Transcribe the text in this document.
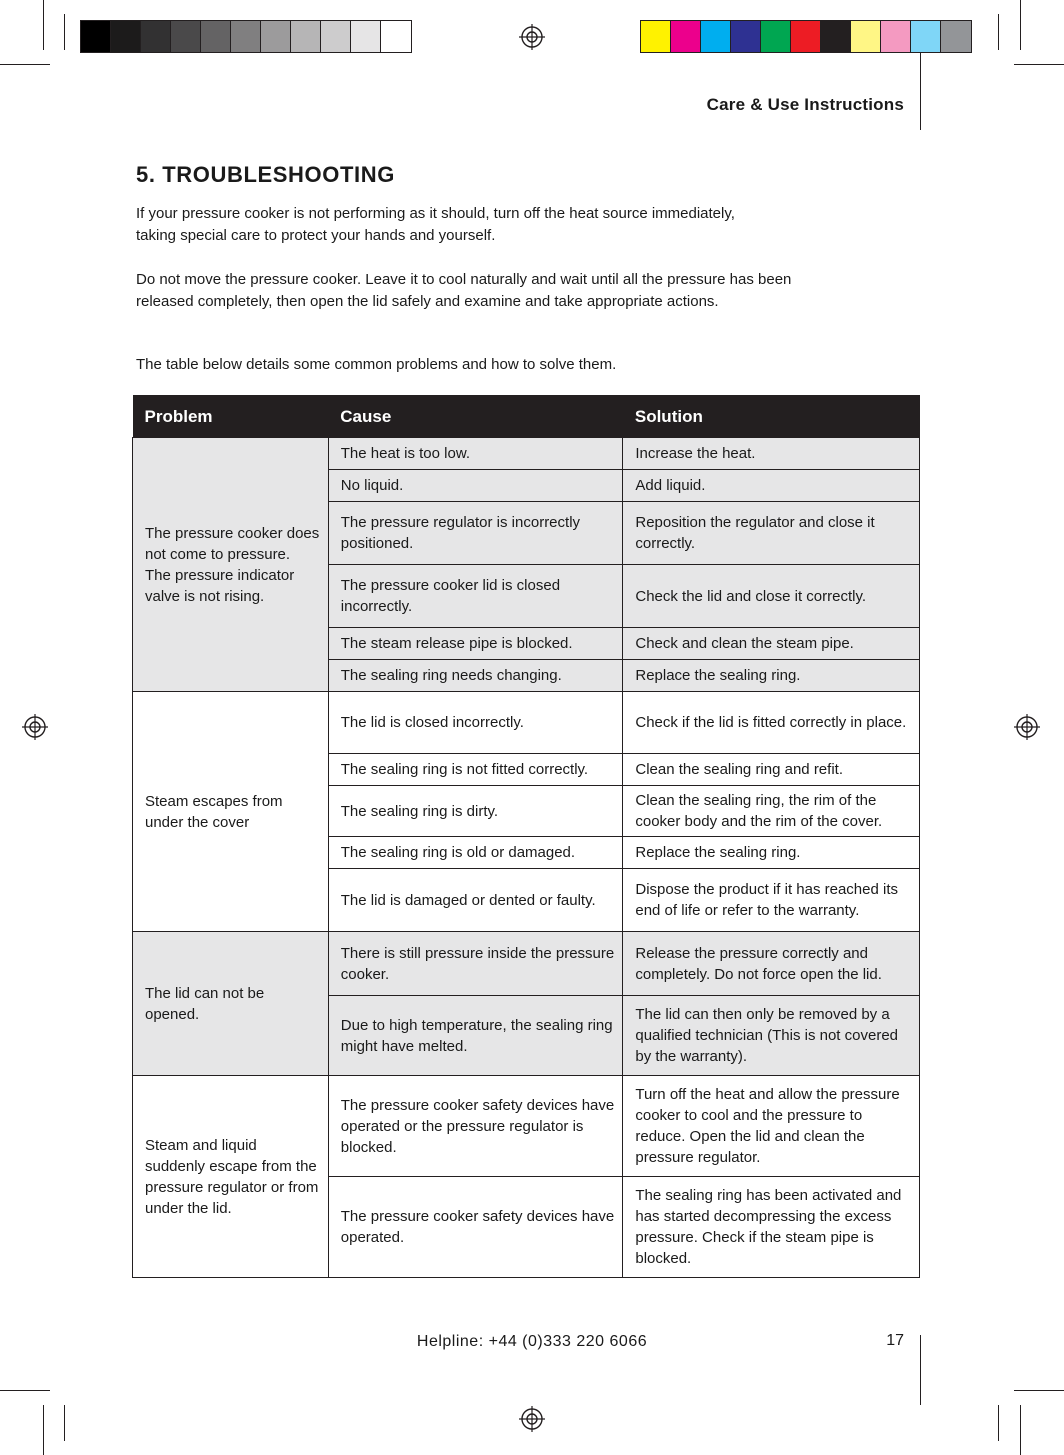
Care & Use Instructions
5. TROUBLESHOOTING

If your pressure cooker is not performing as it should, turn off the heat source immediately,
taking special care to protect your hands and yourself.

Do not move the pressure cooker. Leave it to cool naturally and wait until all the pressure has been
released completely, then open the lid safely and examine and take appropriate actions.

The table below details some common problems and how to solve them.

Problem	Cause	Solution
The pressure cooker does not come to pressure. The pressure indicator valve is not rising.	The heat is too low.	Increase the heat.
	No liquid.	Add liquid.
	The pressure regulator is incorrectly positioned.	Reposition the regulator and close it correctly.
	The pressure cooker lid is closed incorrectly.	Check the lid and close it correctly.
	The steam release pipe is blocked.	Check and clean the steam pipe.
	The sealing ring needs changing.	Replace the sealing ring.
Steam escapes from under the cover	The lid is closed incorrectly.	Check if the lid is fitted correctly in place.
	The sealing ring is not fitted correctly.	Clean the sealing ring and refit.
	The sealing ring is dirty.	Clean the sealing ring, the rim of the cooker body and the rim of the cover.
	The sealing ring is old or damaged.	Replace the sealing ring.
	The lid is damaged or dented or faulty.	Dispose the product if it has reached its end of life or refer to the warranty.
The lid can not be opened.	There is still pressure inside the pressure cooker.	Release the pressure correctly and completely. Do not force open the lid.
	Due to high temperature, the sealing ring might have melted.	The lid can then only be removed by a qualified technician (This is not covered by the warranty).
Steam and liquid suddenly escape from the pressure regulator or from under the lid.	The pressure cooker safety devices have operated or the pressure regulator is blocked.	Turn off the heat and allow the pressure cooker to cool and the pressure to reduce. Open the lid and clean the pressure regulator.
	The pressure cooker safety devices have operated.	The sealing ring has been activated and has started decompressing the excess pressure. Check if the steam pipe is blocked.
Helpline: +44 (0)333 220 6066	17
